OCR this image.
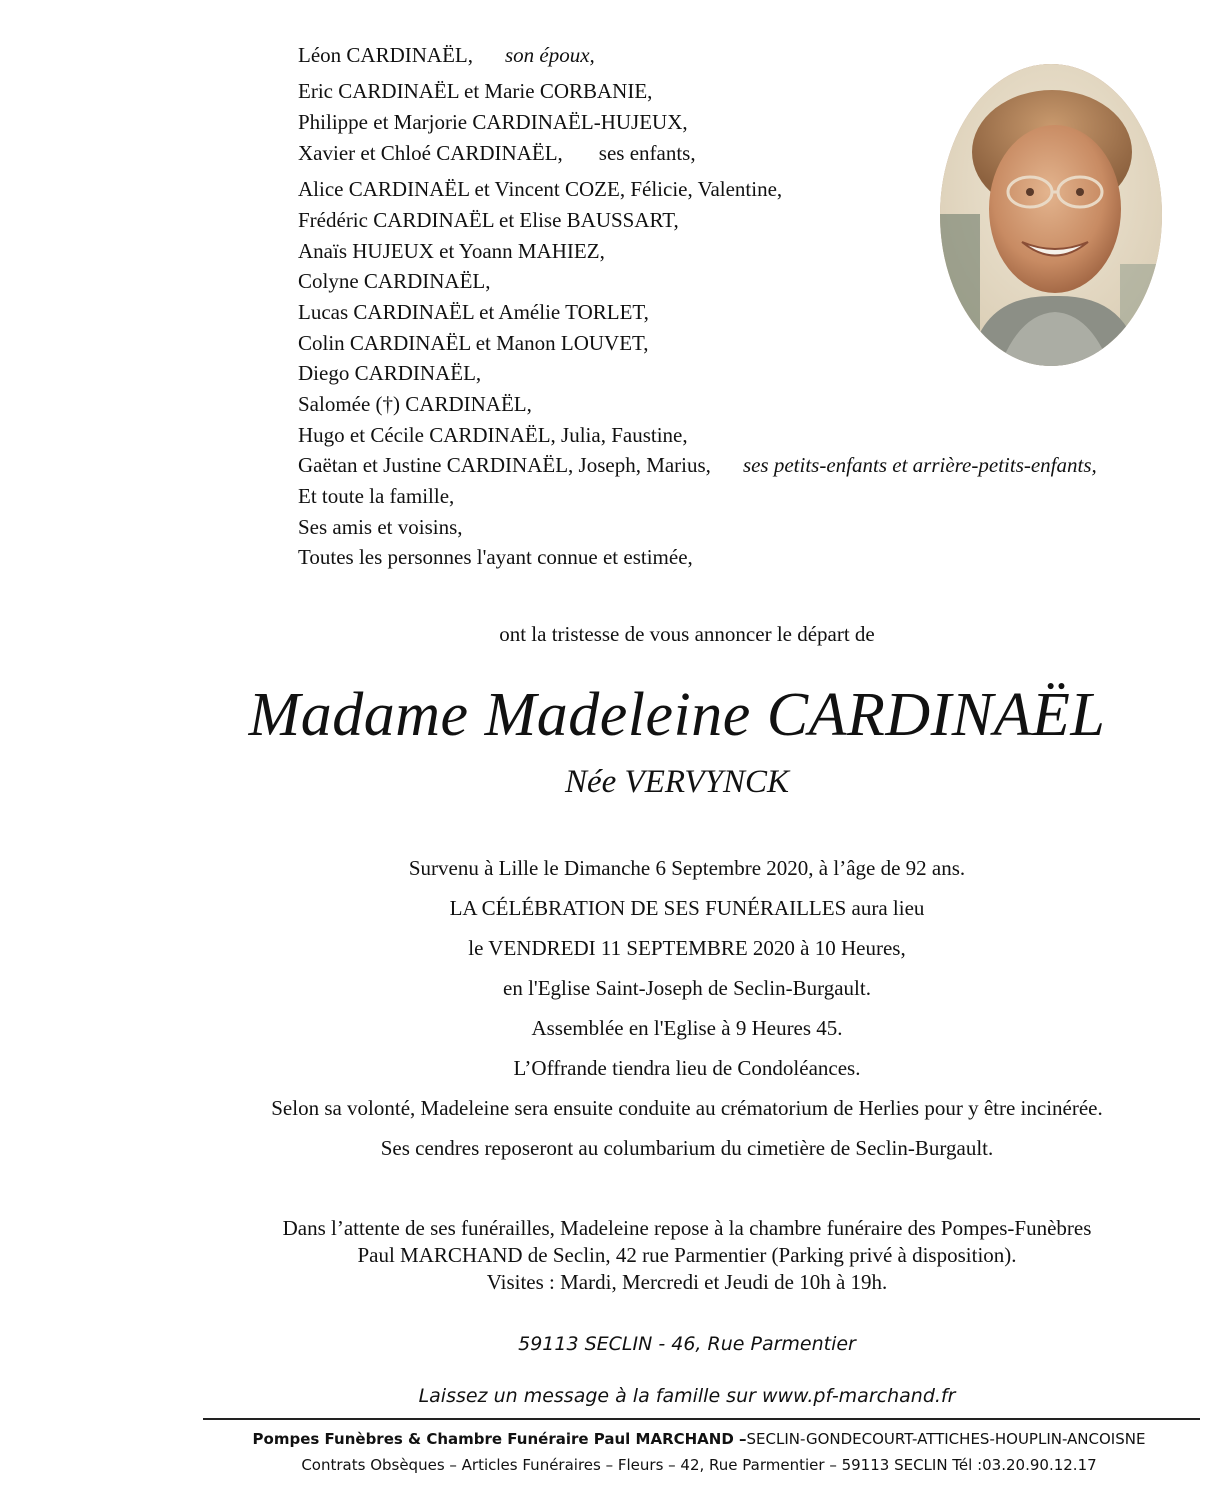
Léon CARDINAËL, son époux,
Eric CARDINAËL et Marie CORBANIE,
Philippe et Marjorie CARDINAËL-HUJEUX,
Xavier et Chloé CARDINAËL, ses enfants,
Alice CARDINAËL et Vincent COZE, Félicie, Valentine,
Frédéric CARDINAËL et Elise BAUSSART,
Anaïs HUJEUX et Yoann MAHIEZ,
Colyne CARDINAËL,
Lucas CARDINAËL et Amélie TORLET,
Colin CARDINAËL et Manon LOUVET,
Diego CARDINAËL,
Salomée (†) CARDINAËL,
Hugo et Cécile CARDINAËL, Julia, Faustine,
Gaëtan et Justine CARDINAËL, Joseph, Marius, ses petits-enfants et arrière-petits-enfants,
Et toute la famille,
Ses amis et voisins,
Toutes les personnes l'ayant connue et estimée,
ont la tristesse de vous annoncer le départ de
Madame Madeleine CARDINAËL
Née VERVYNCK
Survenu à Lille le Dimanche 6 Septembre 2020, à l’âge de 92 ans.
LA CÉLÉBRATION DE SES FUNÉRAILLES aura lieu
le VENDREDI 11 SEPTEMBRE 2020 à 10 Heures,
en l'Eglise Saint-Joseph de Seclin-Burgault.
Assemblée en l'Eglise à 9 Heures 45.
L’Offrande tiendra lieu de Condoléances.
Selon sa volonté, Madeleine sera ensuite conduite au crématorium de Herlies pour y être incinérée.
Ses cendres reposeront au columbarium du cimetière de Seclin-Burgault.
Dans l’attente de ses funérailles, Madeleine repose à la chambre funéraire des Pompes-Funèbres
Paul MARCHAND de Seclin, 42 rue Parmentier (Parking privé à disposition).
Visites : Mardi, Mercredi et Jeudi de 10h à 19h.
59113 SECLIN - 46, Rue Parmentier
Laissez un message à la famille sur www.pf-marchand.fr
Pompes Funèbres & Chambre Funéraire Paul MARCHAND –SECLIN-GONDECOURT-ATTICHES-HOUPLIN-ANCOISNE
Contrats Obsèques – Articles Funéraires – Fleurs – 42, Rue Parmentier – 59113 SECLIN Tél :03.20.90.12.17
